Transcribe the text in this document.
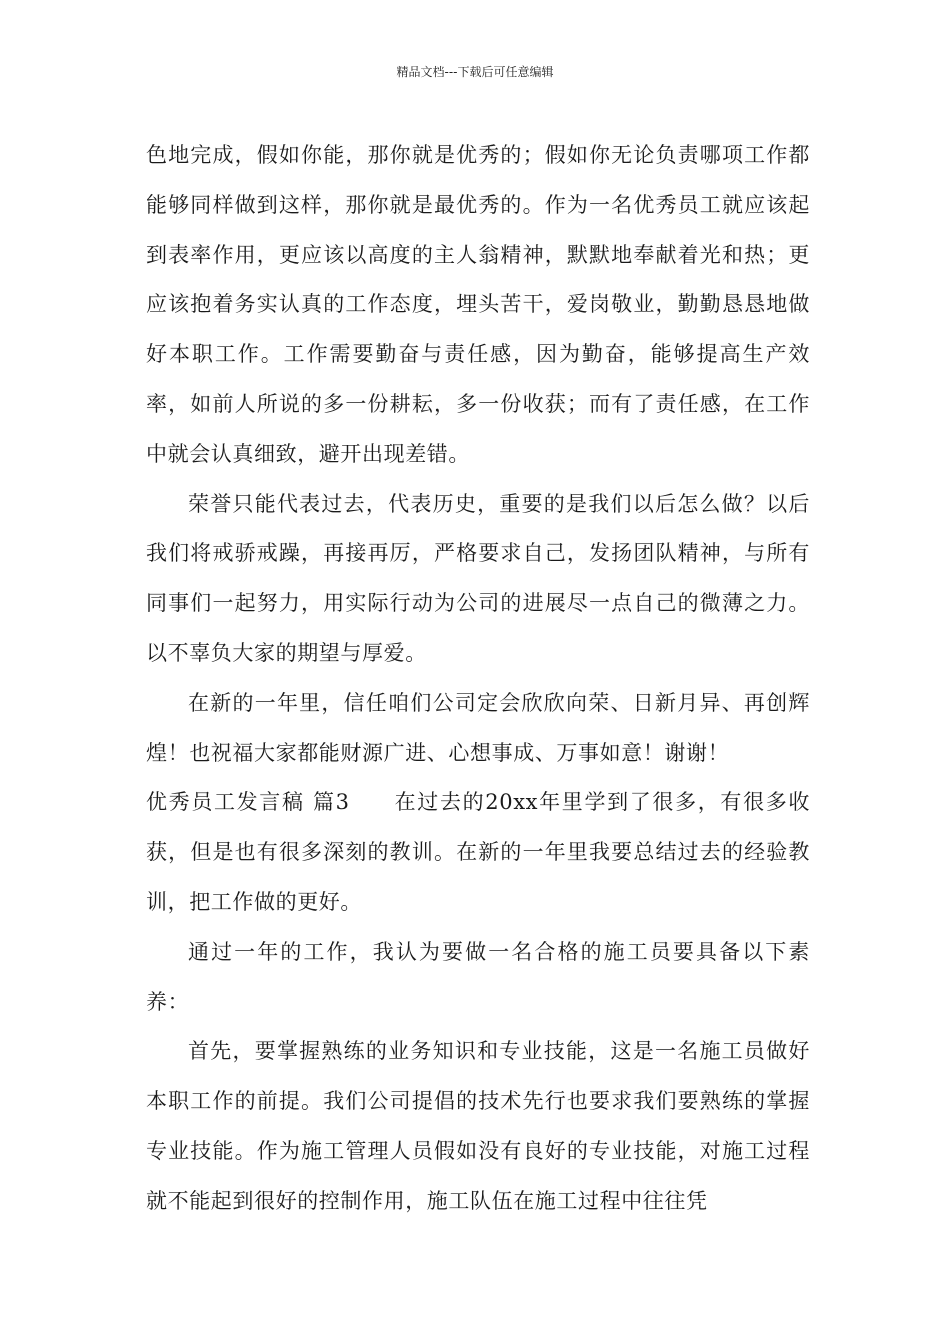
精品文档---下载后可任意编辑

色地完成，假如你能，那你就是优秀的；假如你无论负责哪项工作都能够同样做到这样，那你就是最优秀的。作为一名优秀员工就应该起到表率作用，更应该以高度的主人翁精神，默默地奉献着光和热；更应该抱着务实认真的工作态度，埋头苦干，爱岗敬业，勤勤恳恳地做好本职工作。工作需要勤奋与责任感，因为勤奋，能够提高生产效率，如前人所说的多一份耕耘，多一份收获；而有了责任感，在工作中就会认真细致，避开出现差错。

荣誉只能代表过去，代表历史，重要的是我们以后怎么做？以后我们将戒骄戒躁，再接再厉，严格要求自己，发扬团队精神，与所有同事们一起努力，用实际行动为公司的进展尽一点自己的微薄之力。以不辜负大家的期望与厚爱。

在新的一年里，信任咱们公司定会欣欣向荣、日新月异、再创辉煌！也祝福大家都能财源广进、心想事成、万事如意！谢谢！

优秀员工发言稿 篇3 在过去的20xx年里学到了很多，有很多收获，但是也有很多深刻的教训。在新的一年里我要总结过去的经验教训，把工作做的更好。

通过一年的工作，我认为要做一名合格的施工员要具备以下素养：

首先，要掌握熟练的业务知识和专业技能，这是一名施工员做好本职工作的前提。我们公司提倡的技术先行也要求我们要熟练的掌握专业技能。作为施工管理人员假如没有良好的专业技能，对施工过程就不能起到很好的控制作用，施工队伍在施工过程中往往凭
